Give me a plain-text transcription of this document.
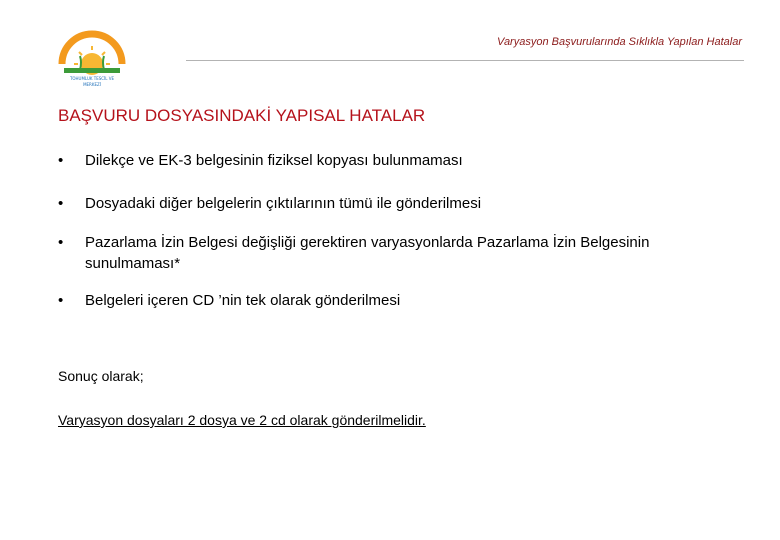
TOHUMLUK TESCİL VE
MERKEZİ
Varyasyon Başvurularında Sıklıkla Yapılan Hatalar
BAŞVURU DOSYASINDAKİ YAPISAL HATALAR
• Dilekçe ve EK-3 belgesinin fiziksel kopyası bulunmaması
• Dosyadaki diğer belgelerin çıktılarının tümü ile gönderilmesi
• Pazarlama İzin Belgesi değişliği gerektiren varyasyonlarda Pazarlama İzin Belgesinin sunulmaması*
• Belgeleri içeren CD ’nin tek olarak gönderilmesi
Sonuç olarak;
Varyasyon dosyaları 2 dosya ve 2 cd olarak gönderilmelidir.
